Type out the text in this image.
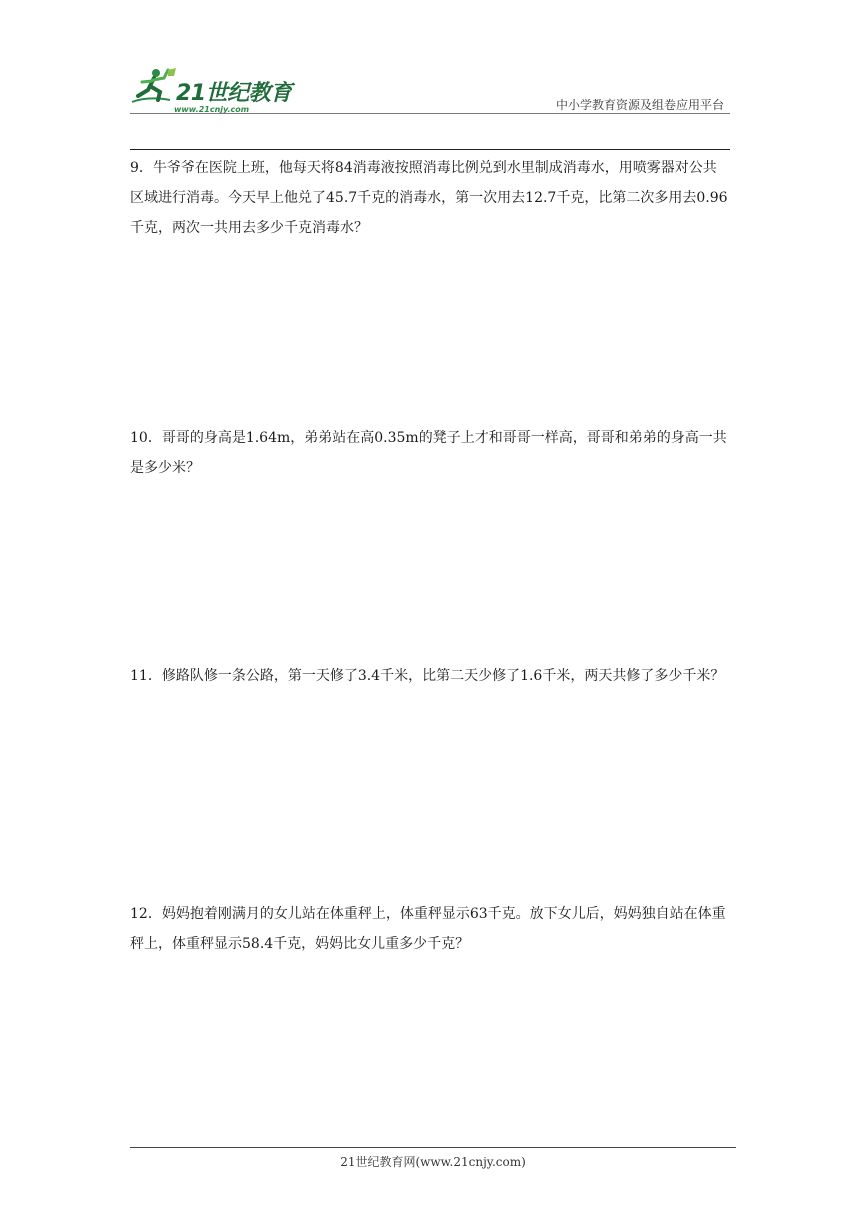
21世纪教育
www.21cnjy.com	中小学教育资源及组卷应用平台

9．牛爷爷在医院上班，他每天将84消毒液按照消毒比例兑到水里制成消毒水，用喷雾器对公共区域进行消毒。今天早上他兑了45.7千克的消毒水，第一次用去12.7千克，比第二次多用去0.96千克，两次一共用去多少千克消毒水？

10．哥哥的身高是1.64m，弟弟站在高0.35m的凳子上才和哥哥一样高，哥哥和弟弟的身高一共是多少米？

11．修路队修一条公路，第一天修了3.4千米，比第二天少修了1.6千米，两天共修了多少千米？

12．妈妈抱着刚满月的女儿站在体重秤上，体重秤显示63千克。放下女儿后，妈妈独自站在体重秤上，体重秤显示58.4千克，妈妈比女儿重多少千克？

21世纪教育网(www.21cnjy.com)
